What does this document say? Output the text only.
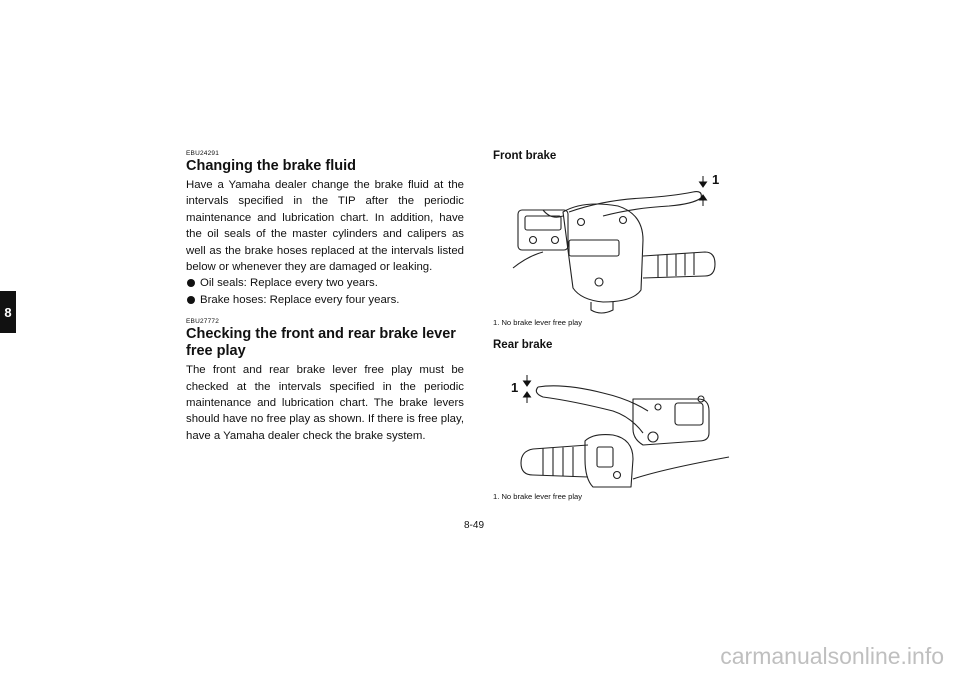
8
EBU24291
Changing the brake fluid

Have a Yamaha dealer change the brake fluid at the intervals specified in the TIP after the periodic maintenance and lubrication chart. In addition, have the oil seals of the master cylinders and calipers as well as the brake hoses replaced at the intervals listed below or whenever they are damaged or leaking.

Oil seals: Replace every two years.
Brake hoses: Replace every four years.
EBU27772
Checking the front and rear brake lever free play

The front and rear brake lever free play must be checked at the intervals specified in the periodic maintenance and lubrication chart. The brake levers should have no free play as shown. If there is free play, have a Yamaha dealer check the brake system.

Front brake
1
1. No brake lever free play
Rear brake
1
1. No brake lever free play
8-49
carmanualsonline.info
